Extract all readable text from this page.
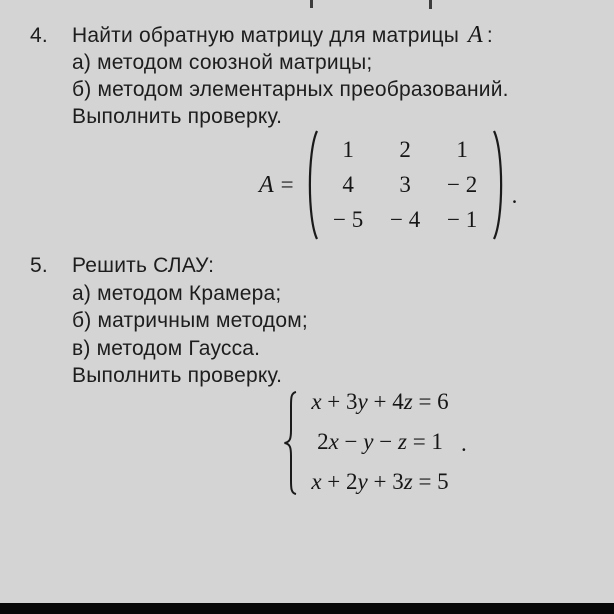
4. Найти обратную матрицу для матрицы A :
а) методом союзной матрицы;
б) методом элементарных преобразований.
Выполнить проверку.
A =
1 2 1
4 3 − 2
− 5 − 4 − 1
.
5. Решить СЛАУ:
а) методом Крамера;
б) матричным методом;
в) методом Гаусса.
Выполнить проверку.
x + 3y + 4z = 6
2x − y − z = 1
x + 2y + 3z = 5
.
